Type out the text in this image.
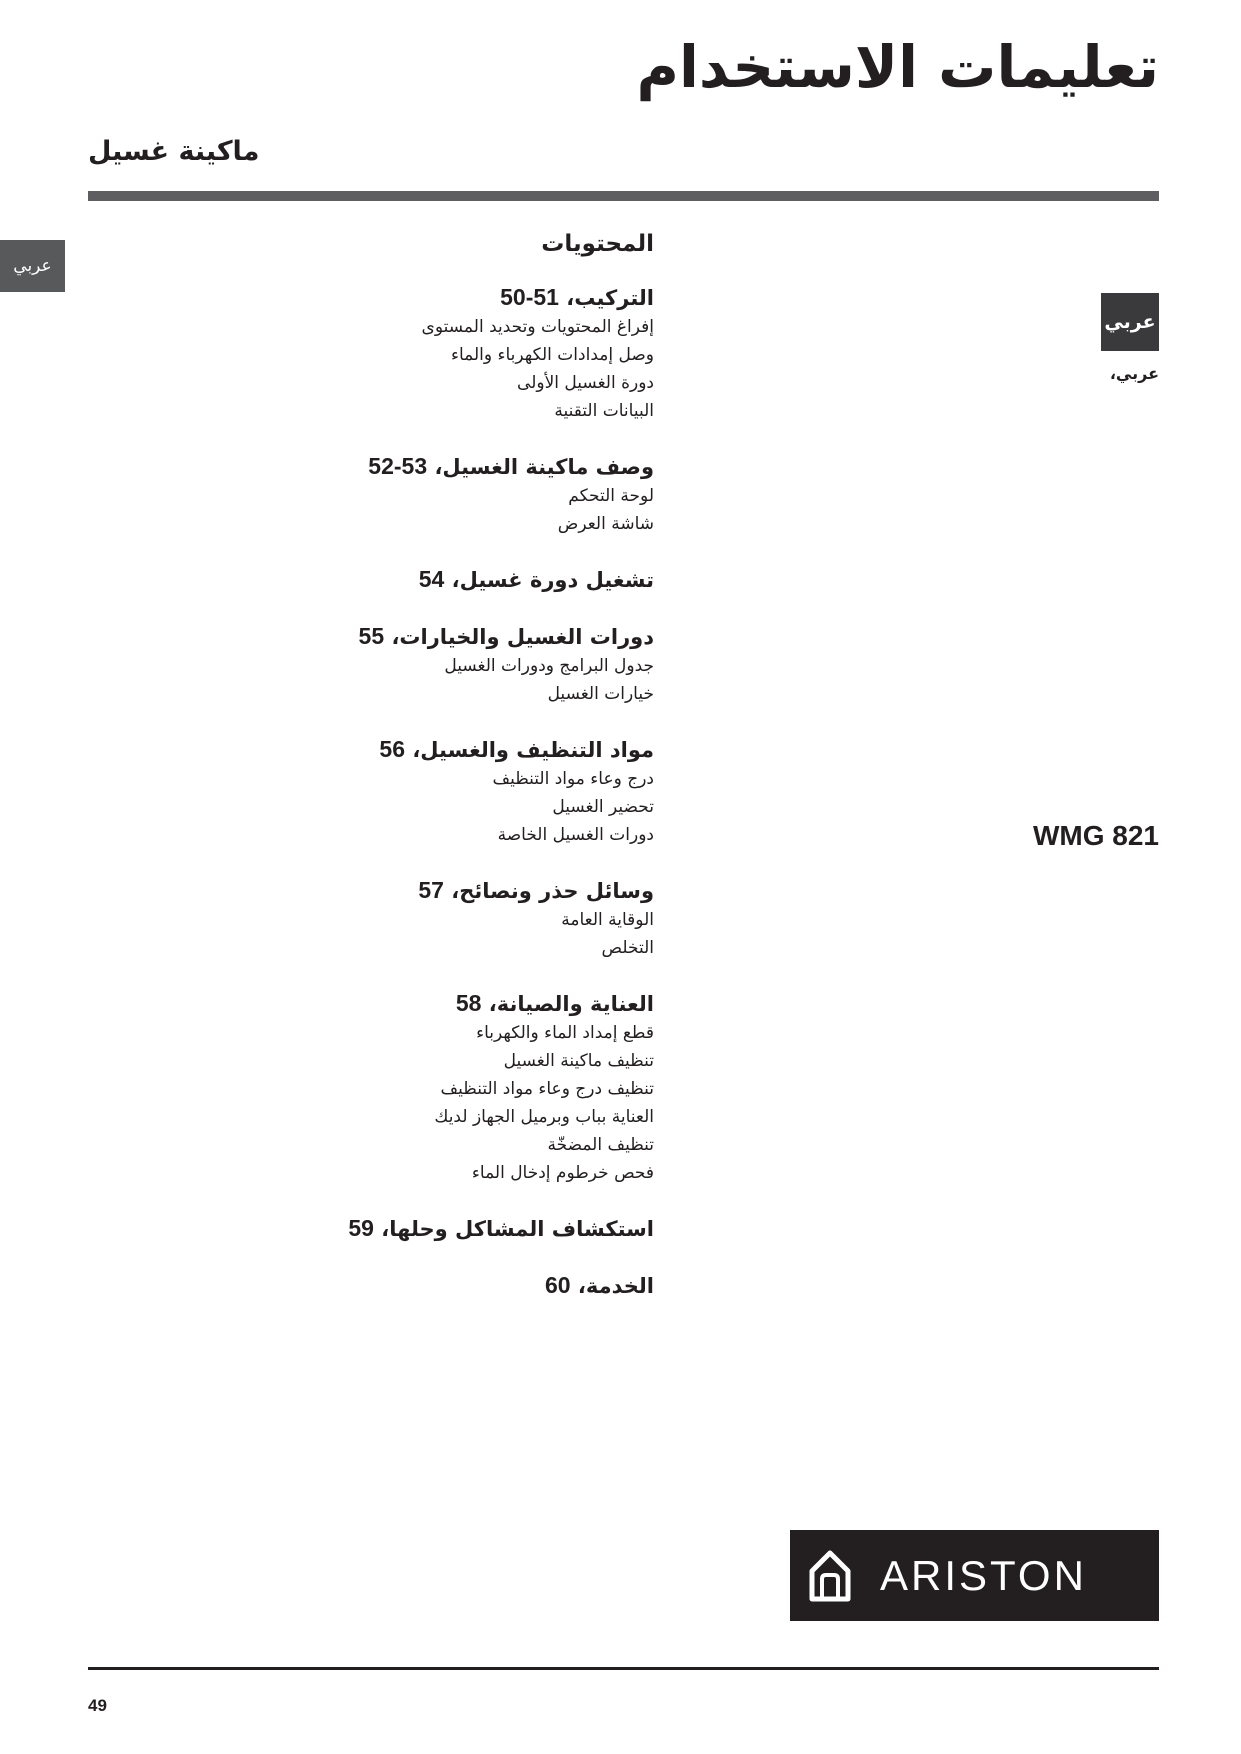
تعليمات الاستخدام
ماكينة غسيل
عربي
عربي
عربي،
WMG 821
المحتويات
التركيب، 50-51
إفراغ المحتويات وتحديد المستوى
وصل إمدادات الكهرباء والماء
دورة الغسيل الأولى
البيانات التقنية
وصف ماكينة الغسيل، 52-53
لوحة التحكم
شاشة العرض
تشغيل دورة غسيل، 54
دورات الغسيل والخيارات، 55
جدول البرامج ودورات الغسيل
خيارات الغسيل
مواد التنظيف والغسيل، 56
درج وعاء مواد التنظيف
تحضير الغسيل
دورات الغسيل الخاصة
وسائل حذر ونصائح، 57
الوقاية العامة
التخلص
العناية والصيانة، 58
قطع إمداد الماء والكهرباء
تنظيف ماكينة الغسيل
تنظيف درج وعاء مواد التنظيف
العناية بباب وبرميل الجهاز لديك
تنظيف المضخّة
فحص خرطوم إدخال الماء
استكشاف المشاكل وحلها، 59
الخدمة، 60
ARISTON
49
